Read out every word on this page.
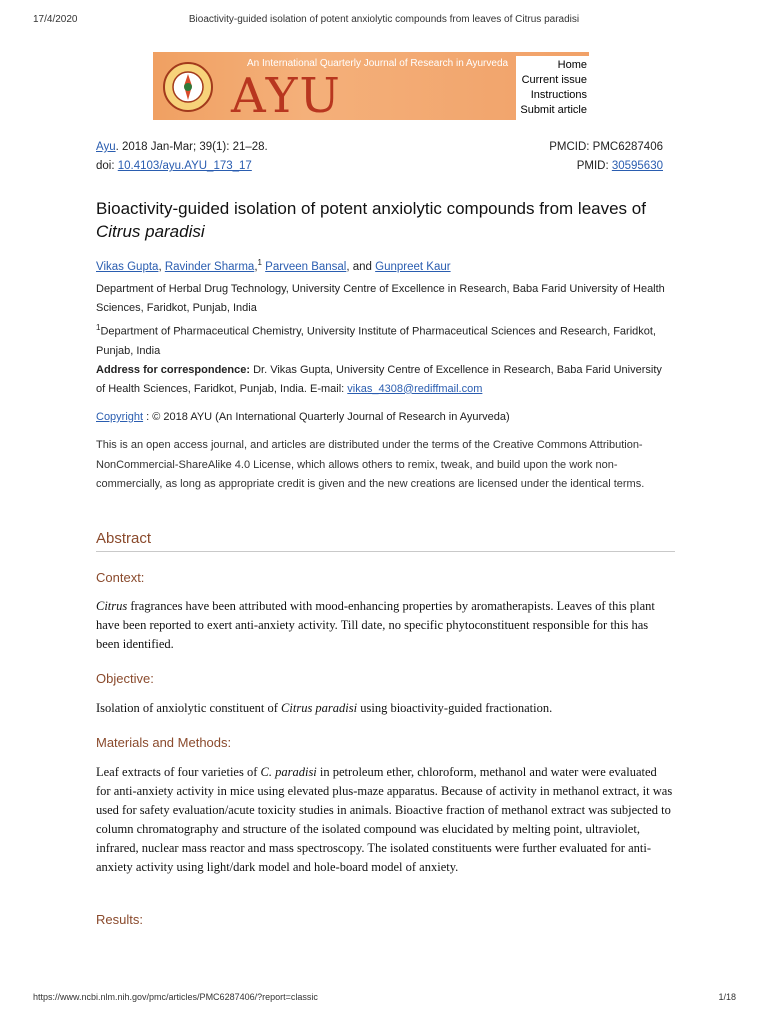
17/4/2020	Bioactivity-guided isolation of potent anxiolytic compounds from leaves of Citrus paradisi
An International Quarterly Journal of Research in Ayurveda
AYU
Home
Current issue
Instructions
Submit article
Ayu. 2018 Jan-Mar; 39(1): 21–28.
doi: 10.4103/ayu.AYU_173_17
PMCID: PMC6287406
PMID: 30595630
Bioactivity-guided isolation of potent anxiolytic compounds from leaves of Citrus paradisi
Vikas Gupta, Ravinder Sharma,$^1$ Parveen Bansal, and Gunpreet Kaur
Department of Herbal Drug Technology, University Centre of Excellence in Research, Baba Farid University of Health Sciences, Faridkot, Punjab, India
$^1$Department of Pharmaceutical Chemistry, University Institute of Pharmaceutical Sciences and Research, Faridkot, Punjab, India
Address for correspondence: Dr. Vikas Gupta, University Centre of Excellence in Research, Baba Farid University of Health Sciences, Faridkot, Punjab, India. E-mail: vikas_4308@rediffmail.com
Copyright : © 2018 AYU (An International Quarterly Journal of Research in Ayurveda)
This is an open access journal, and articles are distributed under the terms of the Creative Commons Attribution-NonCommercial-ShareAlike 4.0 License, which allows others to remix, tweak, and build upon the work non-commercially, as long as appropriate credit is given and the new creations are licensed under the identical terms.
Abstract
Context:
Citrus fragrances have been attributed with mood-enhancing properties by aromatherapists. Leaves of this plant have been reported to exert anti-anxiety activity. Till date, no specific phytoconstituent responsible for this has been identified.
Objective:
Isolation of anxiolytic constituent of Citrus paradisi using bioactivity-guided fractionation.
Materials and Methods:
Leaf extracts of four varieties of C. paradisi in petroleum ether, chloroform, methanol and water were evaluated for anti-anxiety activity in mice using elevated plus-maze apparatus. Because of activity in methanol extract, it was used for safety evaluation/acute toxicity studies in animals. Bioactive fraction of methanol extract was subjected to column chromatography and structure of the isolated compound was elucidated by melting point, ultraviolet, infrared, nuclear mass reactor and mass spectroscopy. The isolated constituents were further evaluated for anti-anxiety activity using light/dark model and hole-board model of anxiety.
Results:
https://www.ncbi.nlm.nih.gov/pmc/articles/PMC6287406/?report=classic	1/18
